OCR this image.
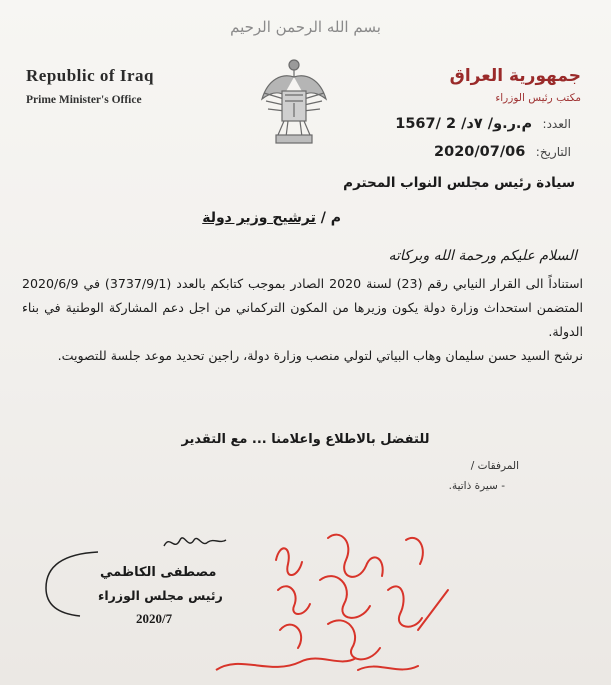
بسم الله الرحمن الرحيم
Republic of Iraq
Prime Minister's Office
جمهورية العراق
مكتب رئيس الوزراء
العدد: م.ر.و/ ٧د/ 2 /1567
التاريخ: 2020/07/06
سيادة رئيس مجلس النواب المحترم
م / ترشيح وزير دولة
السلام عليكم ورحمة الله وبركاته

استناداً الى القرار النيابي رقم (23) لسنة 2020 الصادر بموجب كتابكم بالعدد (3737/9/1) في 2020/6/9 المتضمن استحداث وزارة دولة يكون وزيرها من المكون التركماني من اجل دعم المشاركة الوطنية في بناء الدولة.

نرشح السيد حسن سليمان وهاب البياتي لتولي منصب وزارة دولة، راجين تحديد موعد جلسة للتصويت.

للتفضل بالاطلاع واعلامنا ... مع التقدير
المرفقات /
- سيرة ذاتية.
مصطفى الكاظمي
رئيس مجلس الوزراء
2020/7
